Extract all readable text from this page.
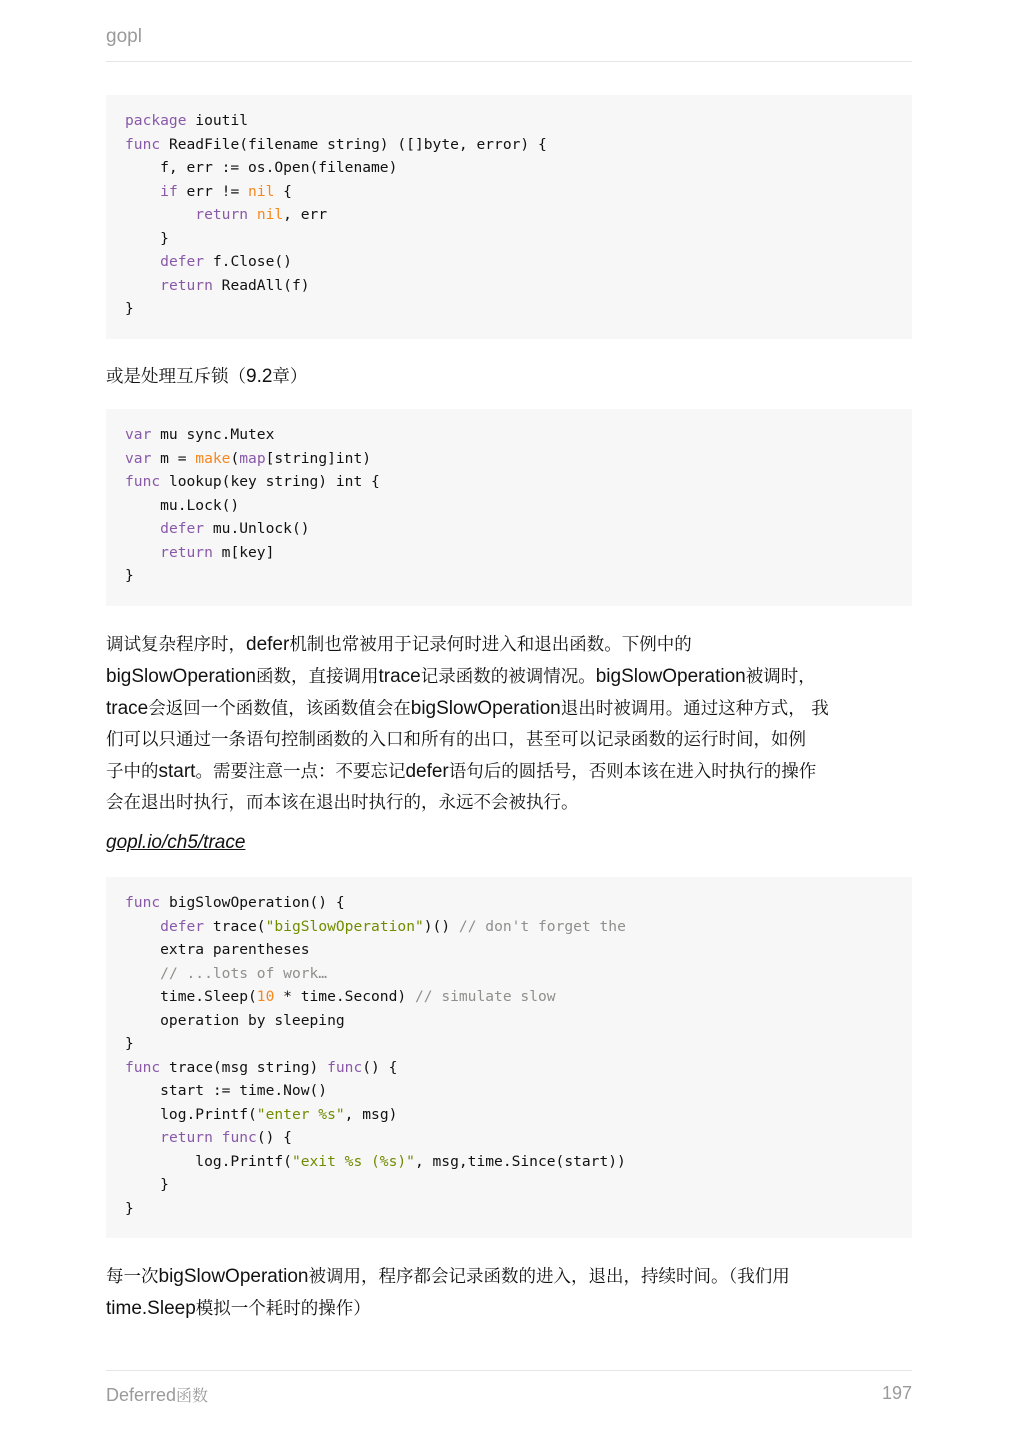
gopl
package ioutil
func ReadFile(filename string) ([]byte, error) {
f, err := os.Open(filename)
if err != nil {
return nil, err
}
defer f.Close()
return ReadAll(f)
}
或是处理互斥锁（9.2章）
var mu sync.Mutex
var m = make(map[string]int)
func lookup(key string) int {
mu.Lock()
defer mu.Unlock()
return m[key]
}
调试复杂程序时，defer机制也常被用于记录何时进入和退出函数。下例中的
bigSlowOperation函数，直接调用trace记录函数的被调情况。bigSlowOperation被调时，
trace会返回一个函数值，该函数值会在bigSlowOperation退出时被调用。通过这种方式， 我
们可以只通过一条语句控制函数的入口和所有的出口，甚至可以记录函数的运行时间，如例
子中的start。需要注意一点：不要忘记defer语句后的圆括号，否则本该在进入时执行的操作
会在退出时执行，而本该在退出时执行的，永远不会被执行。
gopl.io/ch5/trace
func bigSlowOperation() {
defer trace("bigSlowOperation")() // don't forget the
extra parentheses
// ...lots of work…
time.Sleep(10 * time.Second) // simulate slow
operation by sleeping
}
func trace(msg string) func() {
start := time.Now()
log.Printf("enter %s", msg)
return func() {
log.Printf("exit %s (%s)", msg,time.Since(start))
}
}
每一次bigSlowOperation被调用，程序都会记录函数的进入，退出，持续时间。（我们用
time.Sleep模拟一个耗时的操作）
Deferred函数	197
